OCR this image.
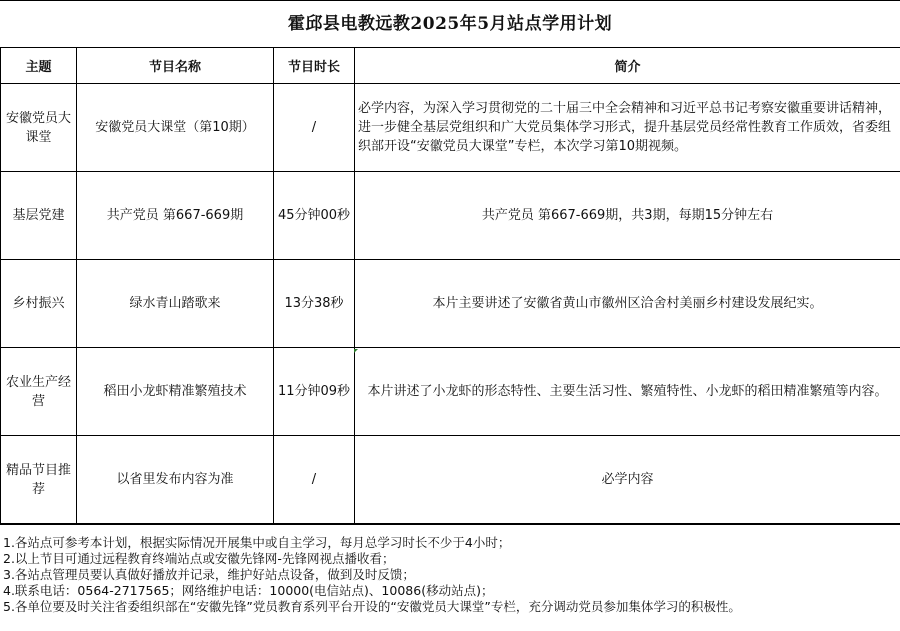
霍邱县电教远教2025年5月站点学用计划
主题	节目名称	节目时长	简介
安徽党员大课堂	安徽党员大课堂（第10期）	/	必学内容，为深入学习贯彻党的二十届三中全会精神和习近平总书记考察安徽重要讲话精神，进一步健全基层党组织和广大党员集体学习形式，提升基层党员经常性教育工作质效，省委组织部开设“安徽党员大课堂”专栏，本次学习第10期视频。
基层党建	共产党员 第667-669期	45分钟00秒	共产党员 第667-669期，共3期，每期15分钟左右
乡村振兴	绿水青山踏歌来	13分38秒	本片主要讲述了安徽省黄山市徽州区洽舍村美丽乡村建设发展纪实。
农业生产经营	稻田小龙虾精准繁殖技术	11分钟09秒	本片讲述了小龙虾的形态特性、主要生活习性、繁殖特性、小龙虾的稻田精准繁殖等内容。
精品节目推荐	以省里发布内容为准	/	必学内容
1.各站点可参考本计划，根据实际情况开展集中或自主学习，每月总学习时长不少于4小时；
2.以上节目可通过远程教育终端站点或安徽先锋网-先锋网视点播收看；
3.各站点管理员要认真做好播放并记录，维护好站点设备，做到及时反馈；
4.联系电话：0564-2717565；网络维护电话：10000(电信站点)、10086(移动站点)；
5.各单位要及时关注省委组织部在“安徽先锋”党员教育系列平台开设的“安徽党员大课堂”专栏，充分调动党员参加集体学习的积极性。
